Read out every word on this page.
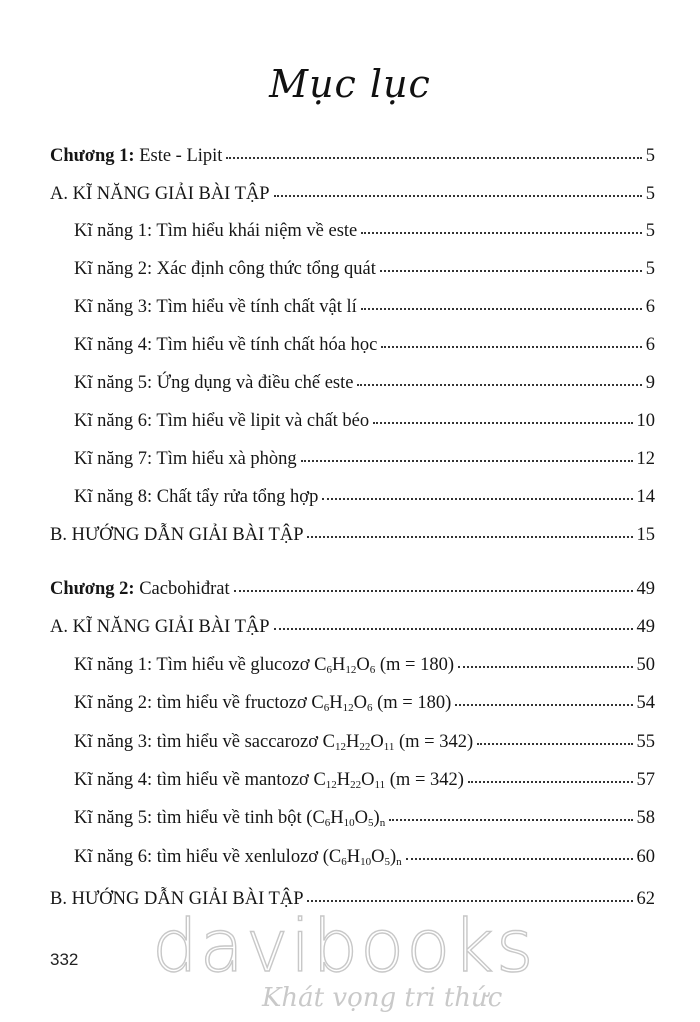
Mục lục
Chương 1: Este - Lipit	5
A. KĨ NĂNG GIẢI BÀI TẬP	5
Kĩ năng 1: Tìm hiểu khái niệm về este	5
Kĩ năng 2: Xác định công thức tổng quát	5
Kĩ năng 3: Tìm hiểu về tính chất vật lí	6
Kĩ năng 4: Tìm hiểu về tính chất hóa học	6
Kĩ năng 5: Ứng dụng và điều chế este	9
Kĩ năng 6: Tìm hiểu về lipit và chất béo	10
Kĩ năng 7: Tìm hiểu xà phòng	12
Kĩ năng 8: Chất tẩy rửa tổng hợp	14
B. HƯỚNG DẪN GIẢI BÀI TẬP	15
Chương 2: Cacbohiđrat	49
A. KĨ NĂNG GIẢI BÀI TẬP	49
Kĩ năng 1: Tìm hiểu về glucozơ $C_6H_{12}O_6$ (m = 180)	50
Kĩ năng 2: tìm hiểu về fructozơ $C_6H_{12}O_6$ (m = 180)	54
Kĩ năng 3: tìm hiểu về saccarozơ $C_{12}H_{22}O_{11}$ (m = 342)	55
Kĩ năng 4: tìm hiểu về mantozơ $C_{12}H_{22}O_{11}$ (m = 342)	57
Kĩ năng 5: tìm hiểu về tinh bột $(C_6H_{10}O_5)_n$	58
Kĩ năng 6: tìm hiểu về xenlulozơ $(C_6H_{10}O_5)_n$	60
B. HƯỚNG DẪN GIẢI BÀI TẬP	62
davibooks
Khát vọng tri thức
332
